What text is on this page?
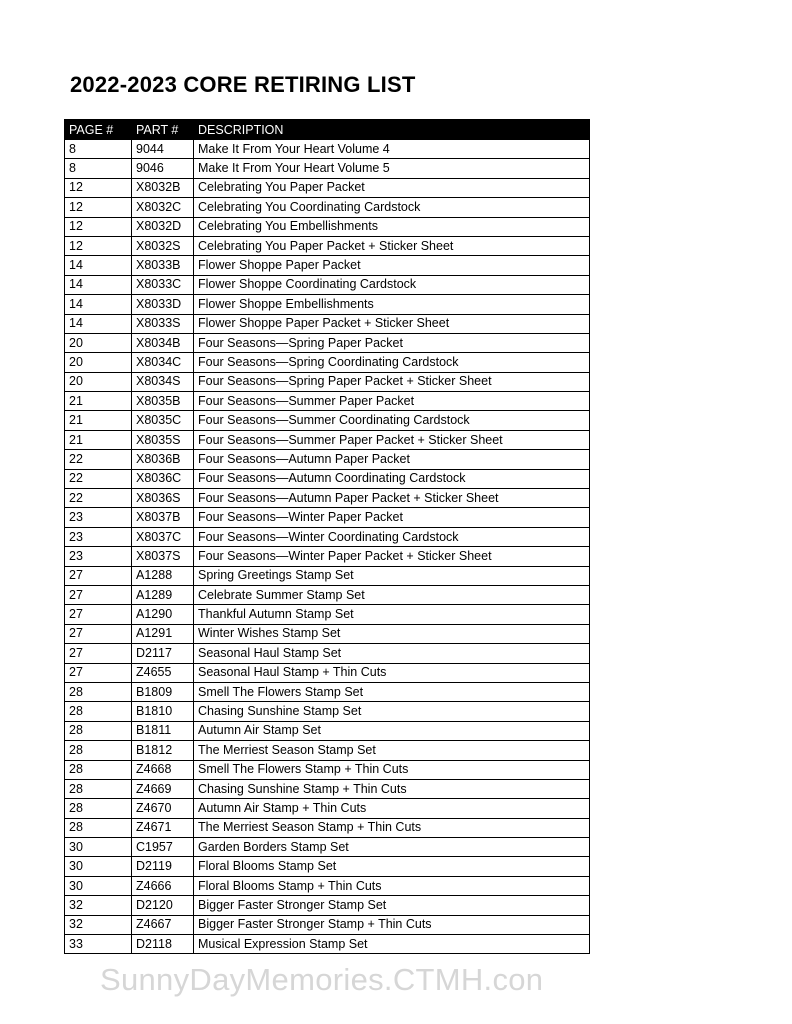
2022-2023 CORE RETIRING LIST
PAGE #	PART #	DESCRIPTION
8	9044	Make It From Your Heart Volume 4
8	9046	Make It From Your Heart Volume 5
12	X8032B	Celebrating You Paper Packet
12	X8032C	Celebrating You Coordinating Cardstock
12	X8032D	Celebrating You Embellishments
12	X8032S	Celebrating You Paper Packet + Sticker Sheet
14	X8033B	Flower Shoppe Paper Packet
14	X8033C	Flower Shoppe Coordinating Cardstock
14	X8033D	Flower Shoppe Embellishments
14	X8033S	Flower Shoppe Paper Packet + Sticker Sheet
20	X8034B	Four Seasons—Spring Paper Packet
20	X8034C	Four Seasons—Spring Coordinating Cardstock
20	X8034S	Four Seasons—Spring Paper Packet + Sticker Sheet
21	X8035B	Four Seasons—Summer Paper Packet
21	X8035C	Four Seasons—Summer Coordinating Cardstock
21	X8035S	Four Seasons—Summer Paper Packet + Sticker Sheet
22	X8036B	Four Seasons—Autumn Paper Packet
22	X8036C	Four Seasons—Autumn Coordinating Cardstock
22	X8036S	Four Seasons—Autumn Paper Packet + Sticker Sheet
23	X8037B	Four Seasons—Winter Paper Packet
23	X8037C	Four Seasons—Winter Coordinating Cardstock
23	X8037S	Four Seasons—Winter Paper Packet + Sticker Sheet
27	A1288	Spring Greetings Stamp Set
27	A1289	Celebrate Summer Stamp Set
27	A1290	Thankful Autumn Stamp Set
27	A1291	Winter Wishes Stamp Set
27	D2117	Seasonal Haul Stamp Set
27	Z4655	Seasonal Haul Stamp + Thin Cuts
28	B1809	Smell The Flowers Stamp Set
28	B1810	Chasing Sunshine Stamp Set
28	B1811	Autumn Air Stamp Set
28	B1812	The Merriest Season Stamp Set
28	Z4668	Smell The Flowers Stamp + Thin Cuts
28	Z4669	Chasing Sunshine Stamp + Thin Cuts
28	Z4670	Autumn Air Stamp + Thin Cuts
28	Z4671	The Merriest Season Stamp + Thin Cuts
30	C1957	Garden Borders Stamp Set
30	D2119	Floral Blooms Stamp Set
30	Z4666	Floral Blooms Stamp + Thin Cuts
32	D2120	Bigger Faster Stronger Stamp Set
32	Z4667	Bigger Faster Stronger Stamp + Thin Cuts
33	D2118	Musical Expression Stamp Set
SunnyDayMemories.CTMH.con
